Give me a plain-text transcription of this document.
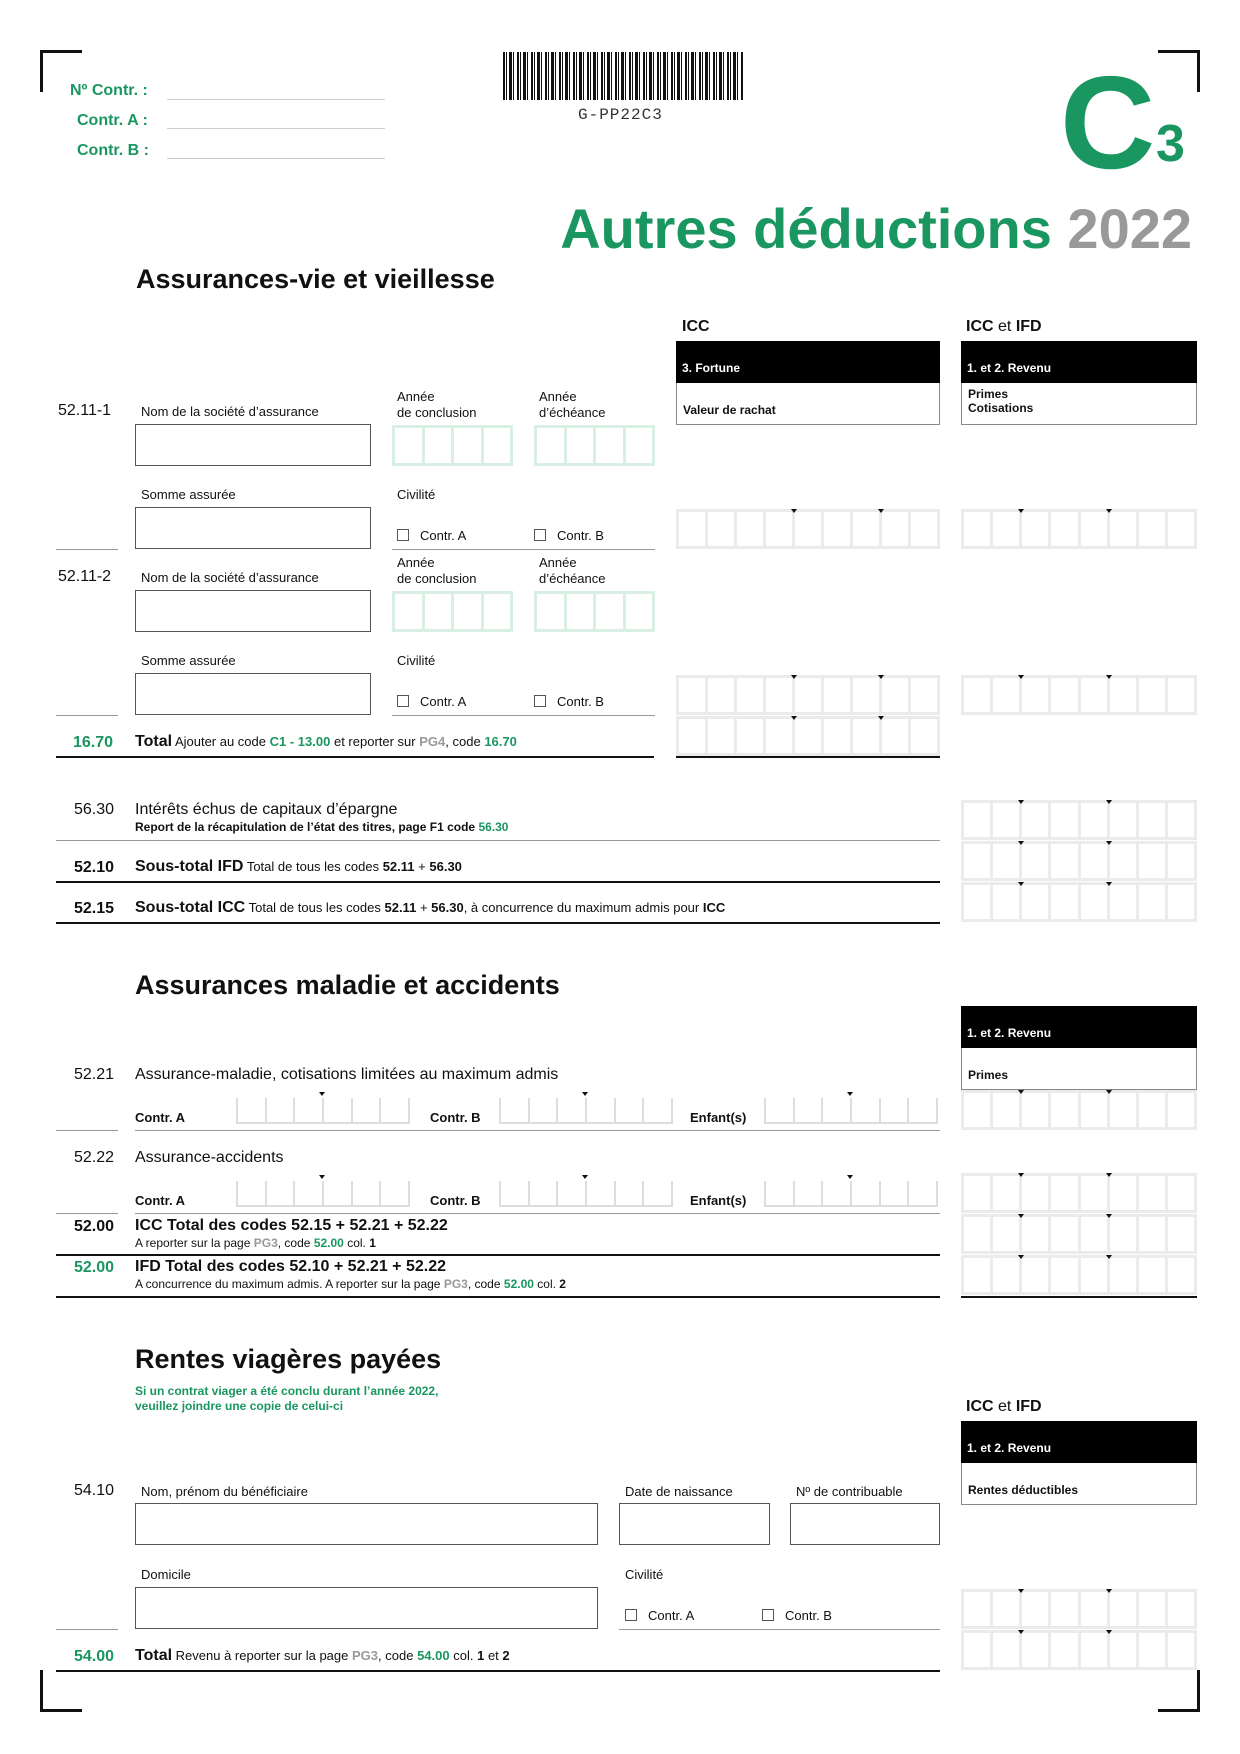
Nº Contr. :
Contr. A :
Contr. B :
G-PP22C3	C 3
Autres déductions 2022
Assurances-vie et vieillesse
ICC	ICC et IFD
3. Fortune
Valeur de rachat
1. et 2. Revenu
Primes
Cotisations
52.11-1 Nom de la société d’assurance
Année
de conclusion
Année
d’échéance
Somme assurée	Civilité
Contr. A	Contr. B
52.11-2 Nom de la société d’assurance
Année
de conclusion
Année
d’échéance
Somme assurée	Civilité
Contr. A	Contr. B
16.70 Total Ajouter au code C1 - 13.00 et reporter sur PG4, code 16.70
56.30 Intérêts échus de capitaux d’épargne
Report de la récapitulation de l’état des titres, page F1 code 56.30
52.10 Sous-total IFD Total de tous les codes 52.11 + 56.30
52.15 Sous-total ICC Total de tous les codes 52.11 + 56.30, à concurrence du maximum admis pour ICC
Assurances maladie et accidents
1. et 2. Revenu
Primes
52.21 Assurance-maladie, cotisations limitées au maximum admis
Contr. A	Contr. B	Enfant(s)
52.22 Assurance-accidents
Contr. A	Contr. B	Enfant(s)
52.00 ICC Total des codes 52.15 + 52.21 + 52.22
A reporter sur la page PG3, code 52.00 col. 1
52.00 IFD Total des codes 52.10 + 52.21 + 52.22
A concurrence du maximum admis. A reporter sur la page PG3, code 52.00 col. 2
Rentes viagères payées
Si un contrat viager a été conclu durant l’année 2022,
veuillez joindre une copie de celui-ci	ICC et IFD
1. et 2. Revenu
Rentes déductibles
54.10 Nom, prénom du bénéficiaire	Date de naissance	Nº de contribuable
Domicile	Civilité
Contr. A	Contr. B
54.00 Total Revenu à reporter sur la page PG3, code 54.00 col. 1 et 2
